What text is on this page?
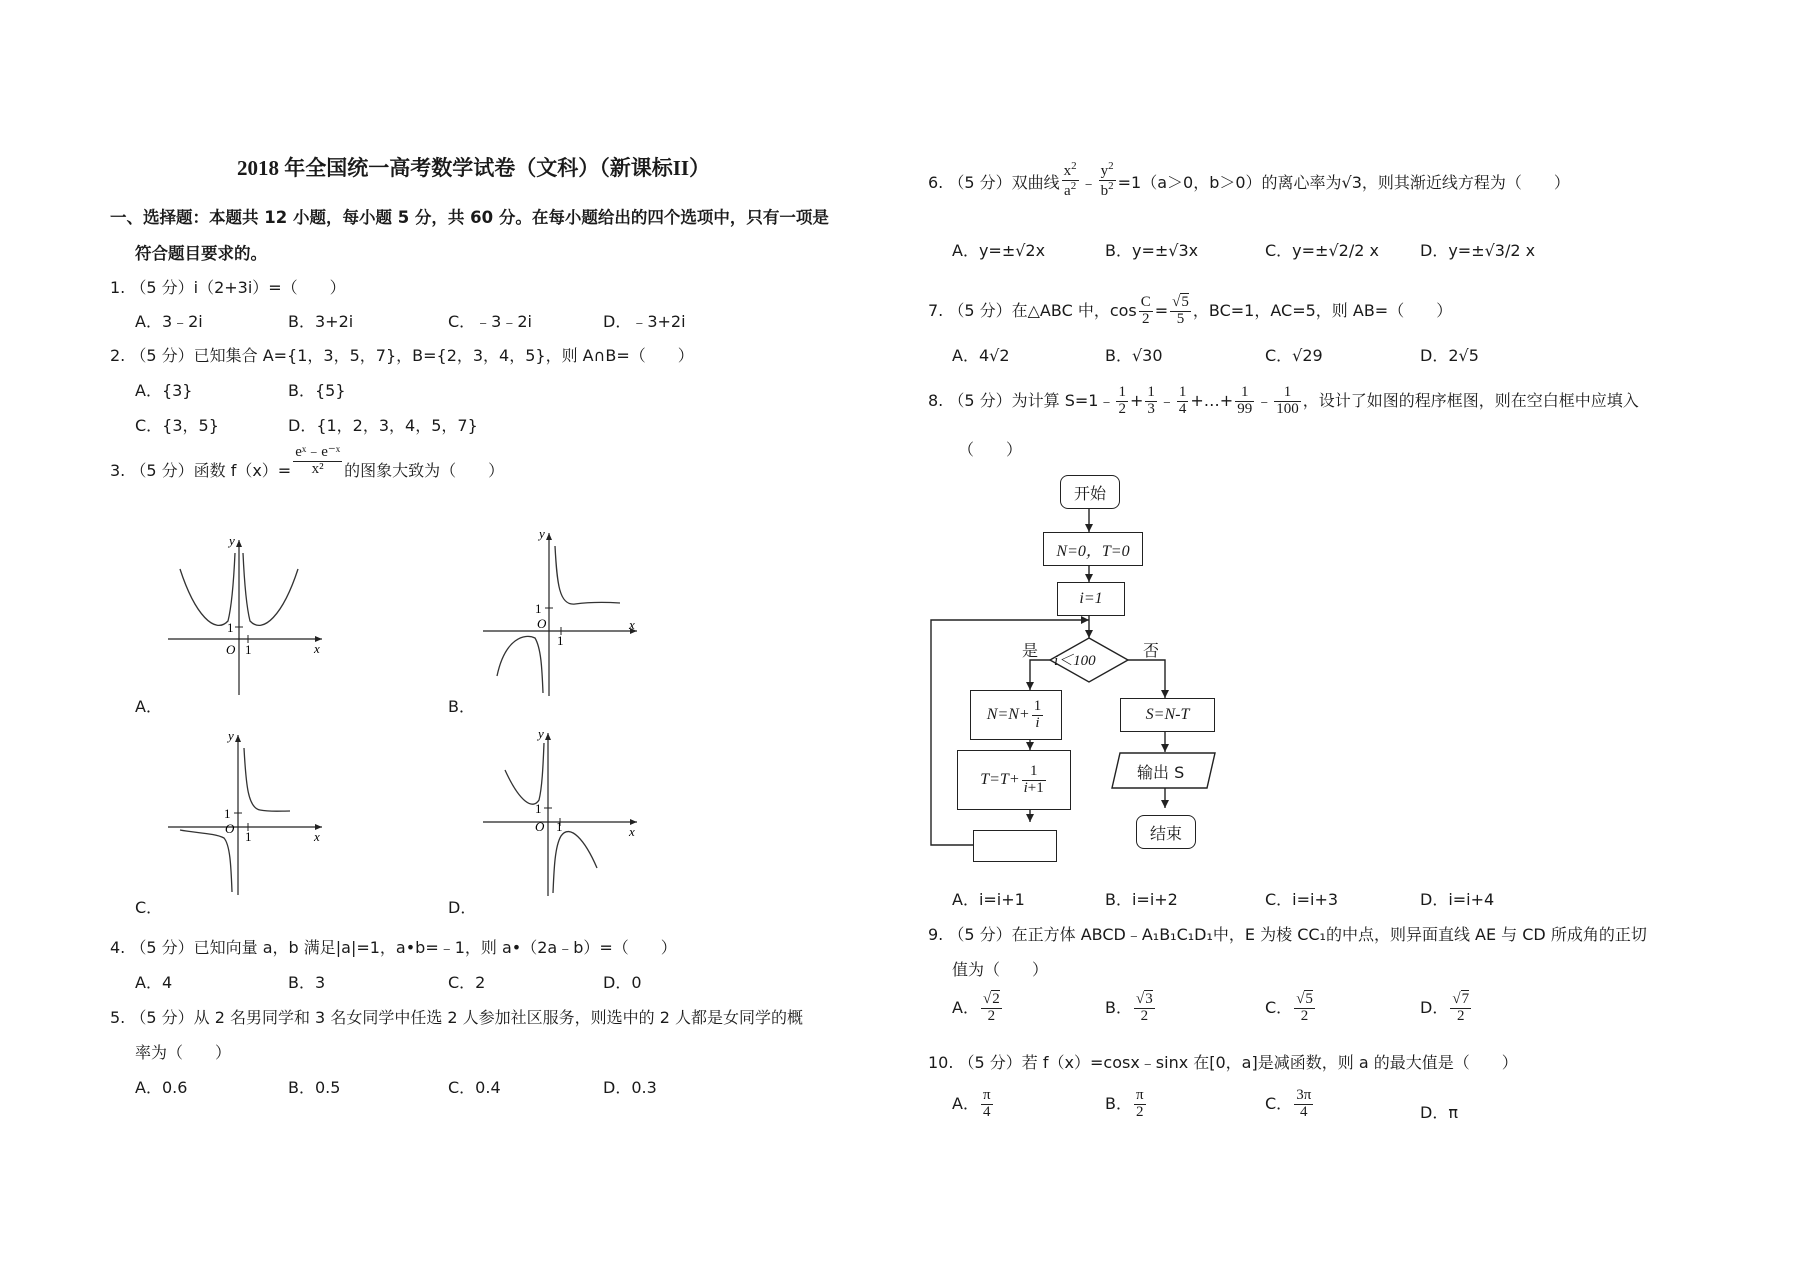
2018 年全国统一高考数学试卷（文科）（新课标II）
一、选择题：本题共 12 小题，每小题 5 分，共 60 分。在每小题给出的四个选项中，只有一项是
符合题目要求的。
1. （5 分）i（2+3i）=（　　）
A．3﹣2i	B．3+2i	C．﹣3﹣2i	D．﹣3+2i
2. （5 分）已知集合 A={1，3，5，7}，B={2，3，4，5}，则 A∩B=（　　）
A．{3}	B．{5}
C．{3，5}	D．{1，2，3，4，5，7}
3. （5 分）函数 $f(x)= \frac{\text{eˣ﹣e⁻ˣ}}{\text{x²}}$ 的图象大致为（　　）
1
O 1	x
y
A．
1
O
1
x
y
B．
1
O
1	x
y
C．
1
O 1	x
y
D．
4. （5 分）已知向量 a，b 满足|a|=1，a•b=﹣1，则 a•（2a﹣b）=（　　）
A．4	B．3	C．2	D．0
5. （5 分）从 2 名男同学和 3 名女同学中任选 2 人参加社区服务，则选中的 2 人都是女同学的概
率为（　　）
A．0.6	B．0.5	C．0.4	D．0.3
6. （5 分）双曲线 $\frac{x^2}{a^2}$ ﹣ $\frac{y^2}{b^2} =1(a>0$，b＞0）的离心率为√3，则其渐近线方程为（　　）
A．y=±√2x	B．y=±√3x	C．y=±√2/2 x	D．y=±√3/2 x
7. （5 分）在△ABC 中，$\cos \frac{C}{2} = \frac{√5}{5}$ ，BC=1，AC=5，则 AB=（　　）
A．4√2	B．√30	C．√29	D．2√5
8. （5 分）为计算 S=1﹣ $\frac{1}{2} + \frac{1}{3}$ ﹣ $\frac{1}{4}$ +…+ $\frac{1}{99}$ ﹣ $\frac{1}{100}$ ，设计了如图的程序框图，则在空白框中应填入
（　　）
开始
N=0，T=0
i=1
i＜100
是	否
$N=N+ \frac{1}{i}$	S=N-T
$T=T+ \frac{1}{i+1}$	输出 S
结束
A．i=i+1	B．i=i+2	C．i=i+3	D．i=i+4
9. （5 分）在正方体 ABCD﹣A₁B₁C₁D₁中，E 为棱 CC₁的中点，则异面直线 AE 与 CD 所成角的正切
值为（　　）
A． $\frac{√2}{2}$	B． $\frac{√3}{2}$	C． $\frac{√5}{2}$	D． $\frac{√7}{2}$
10. （5 分）若 f（x）=cosx﹣sinx 在[0，a]是减函数，则 a 的最大值是（　　）
A． $\frac{\pi}{4}$	B． $\frac{\pi}{2}$	C． $\frac{3\pi}{4}$	D．π
